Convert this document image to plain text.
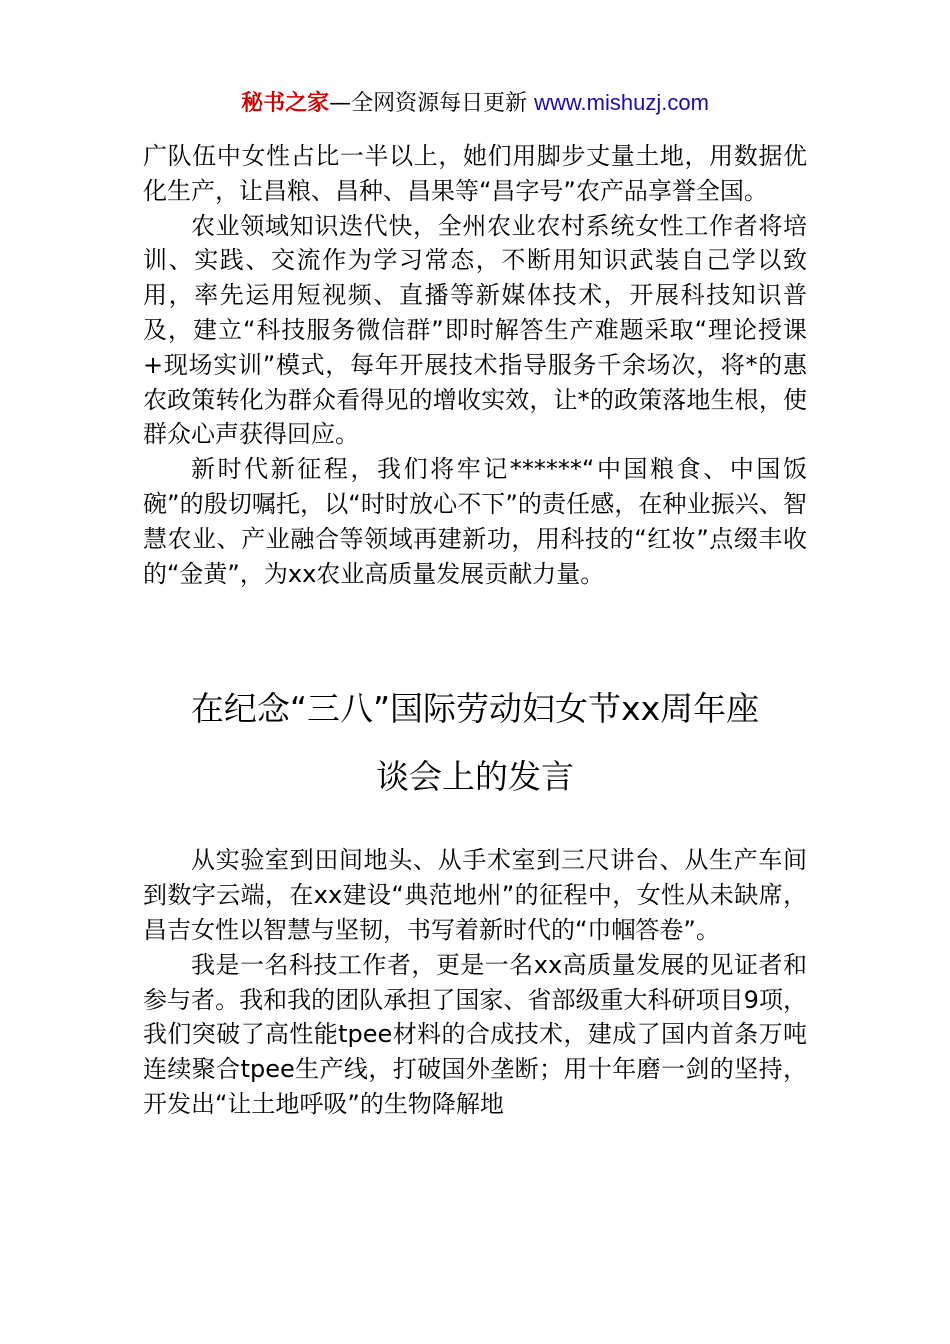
秘书之家—全网资源每日更新 www.mishuzj.com

广队伍中女性占比一半以上，她们用脚步丈量土地，用数据优化生产，让昌粮、昌种、昌果等“昌字号”农产品享誉全国。

农业领域知识迭代快，全州农业农村系统女性工作者将培训、实践、交流作为学习常态，不断用知识武装自己学以致用，率先运用短视频、直播等新媒体技术，开展科技知识普及，建立“科技服务微信群”即时解答生产难题采取“理论授课+现场实训”模式，每年开展技术指导服务千余场次，将*的惠农政策转化为群众看得见的增收实效，让*的政策落地生根，使群众心声获得回应。

新时代新征程，我们将牢记******“中国粮食、中国饭碗”的殷切嘱托，以“时时放心不下”的责任感，在种业振兴、智慧农业、产业融合等领域再建新功，用科技的“红妆”点缀丰收的“金黄”，为xx农业高质量发展贡献力量。

在纪念“三八”国际劳动妇女节xx周年座
谈会上的发言

从实验室到田间地头、从手术室到三尺讲台、从生产车间到数字云端，在xx建设“典范地州”的征程中，女性从未缺席，昌吉女性以智慧与坚韧，书写着新时代的“巾帼答卷”。

我是一名科技工作者，更是一名xx高质量发展的见证者和参与者。我和我的团队承担了国家、省部级重大科研项目9项，我们突破了高性能tpee材料的合成技术，建成了国内首条万吨连续聚合tpee生产线，打破国外垄断；用十年磨一剑的坚持，开发出“让土地呼吸”的生物降解地
